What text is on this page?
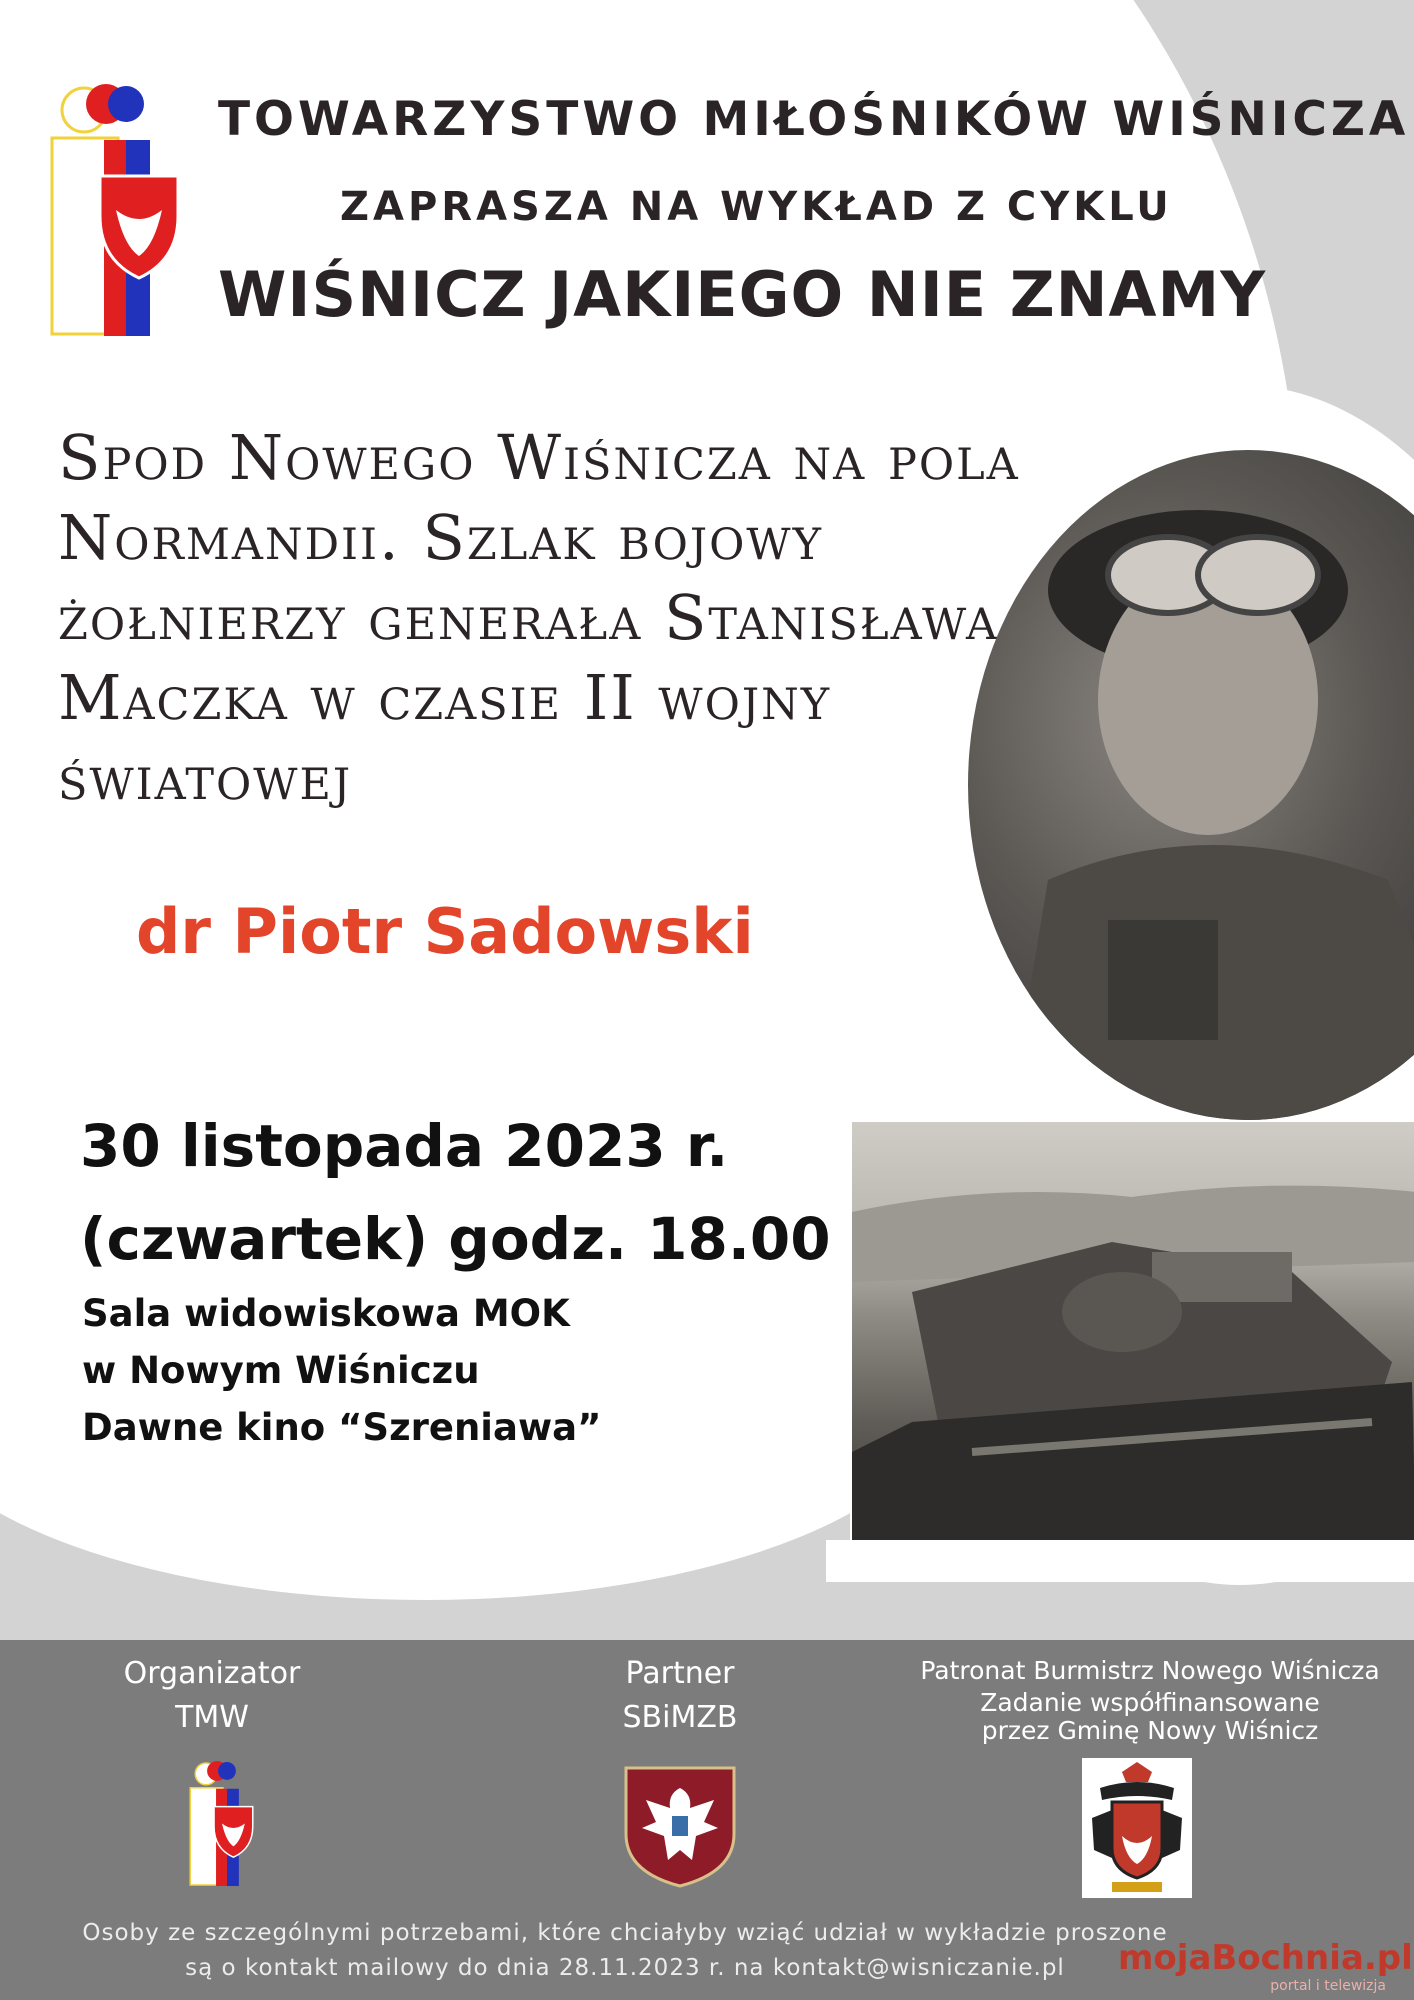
TOWARZYSTWO MIŁOŚNIKÓW WIŚNICZA
ZAPRASZA NA WYKŁAD Z CYKLU
WIŚNICZ JAKIEGO NIE ZNAMY
Spod Nowego Wiśnicza na pola Normandii. Szlak bojowy żołnierzy generała Stanisława Maczka w czasie II wojny światowej
dr Piotr Sadowski
30 listopada 2023 r.
(czwartek) godz. 18.00
Sala widowiskowa MOK
w Nowym Wiśniczu
Dawne kino “Szreniawa”
Organizator
TMW
Partner
SBiMZB
Patronat Burmistrz Nowego Wiśnicza
Zadanie współfinansowane
przez Gminę Nowy Wiśnicz
Osoby ze szczególnymi potrzebami, które chciałyby wziąć udział w wykładzie proszone
są o kontakt mailowy do dnia 28.11.2023 r. na kontakt@wisniczanie.pl	mojaBochnia.pl
portal i telewizja
